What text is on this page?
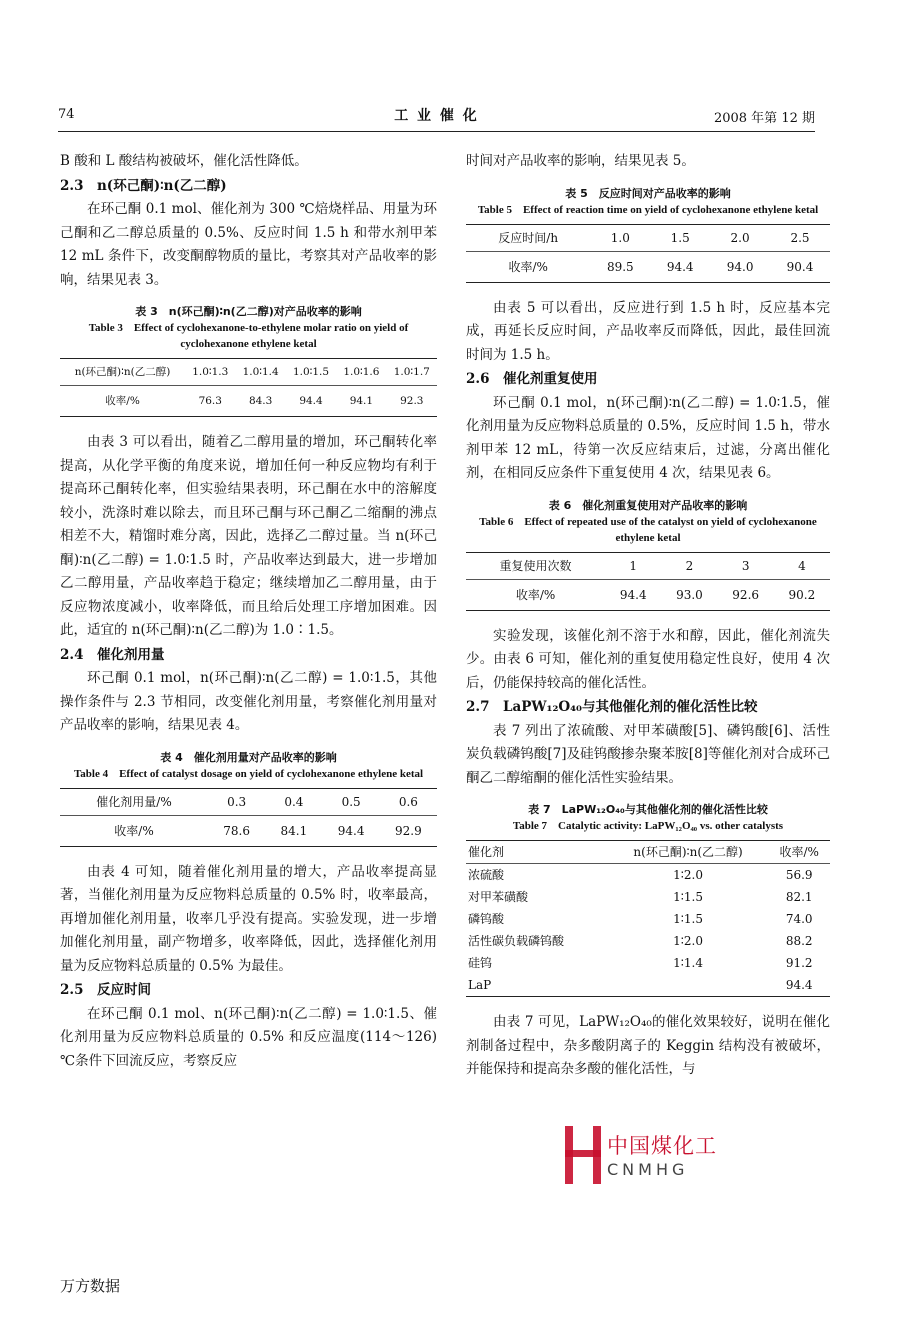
74	工 业 催 化	2008 年第 12 期

B 酸和 L 酸结构被破坏，催化活性降低。

2.3　n(环己酮)∶n(乙二醇)

在环己酮 0.1 mol、催化剂为 300 ℃焙烧样品、用量为环己酮和乙二醇总质量的 0.5%、反应时间 1.5 h 和带水剂甲苯 12 mL 条件下，改变酮醇物质的量比，考察其对产品收率的影响，结果见表 3。

表 3　n(环己酮)∶n(乙二醇)对产品收率的影响
Table 3　Effect of cyclohexanone-to-ethylene molar ratio on yield of cyclohexanone ethylene ketal
n(环己酮)∶n(乙二醇)	1.0∶1.3	1.0∶1.4	1.0∶1.5	1.0∶1.6	1.0∶1.7
收率/%	76.3	84.3	94.4	94.1	92.3

由表 3 可以看出，随着乙二醇用量的增加，环己酮转化率提高，从化学平衡的角度来说，增加任何一种反应物均有利于提高环己酮转化率，但实验结果表明，环己酮在水中的溶解度较小，洗涤时难以除去，而且环己酮与环己酮乙二缩酮的沸点相差不大，精馏时难分离，因此，选择乙二醇过量。当 n(环己酮)∶n(乙二醇) = 1.0∶1.5 时，产品收率达到最大，进一步增加乙二醇用量，产品收率趋于稳定；继续增加乙二醇用量，由于反应物浓度减小，收率降低，而且给后处理工序增加困难。因此，适宜的 n(环己酮)∶n(乙二醇)为 1.0∶1.5。

2.4　催化剂用量

环己酮 0.1 mol，n(环己酮)∶n(乙二醇) = 1.0∶1.5，其他操作条件与 2.3 节相同，改变催化剂用量，考察催化剂用量对产品收率的影响，结果见表 4。

表 4　催化剂用量对产品收率的影响
Table 4　Effect of catalyst dosage on yield of cyclohexanone ethylene ketal
催化剂用量/%	0.3	0.4	0.5	0.6
收率/%	78.6	84.1	94.4	92.9

由表 4 可知，随着催化剂用量的增大，产品收率提高显著，当催化剂用量为反应物料总质量的 0.5% 时，收率最高，再增加催化剂用量，收率几乎没有提高。实验发现，进一步增加催化剂用量，副产物增多，收率降低，因此，选择催化剂用量为反应物料总质量的 0.5% 为最佳。

2.5　反应时间

在环己酮 0.1 mol、n(环己酮)∶n(乙二醇) = 1.0∶1.5、催化剂用量为反应物料总质量的 0.5% 和反应温度(114～126) ℃条件下回流反应，考察反应

时间对产品收率的影响，结果见表 5。

表 5　反应时间对产品收率的影响
Table 5　Effect of reaction time on yield of cyclohexanone ethylene ketal
反应时间/h	1.0	1.5	2.0	2.5
收率/%	89.5	94.4	94.0	90.4

由表 5 可以看出，反应进行到 1.5 h 时，反应基本完成，再延长反应时间，产品收率反而降低，因此，最佳回流时间为 1.5 h。

2.6　催化剂重复使用

环己酮 0.1 mol，n(环己酮)∶n(乙二醇) = 1.0∶1.5，催化剂用量为反应物料总质量的 0.5%，反应时间 1.5 h，带水剂甲苯 12 mL，待第一次反应结束后，过滤，分离出催化剂，在相同反应条件下重复使用 4 次，结果见表 6。

表 6　催化剂重复使用对产品收率的影响
Table 6　Effect of repeated use of the catalyst on yield of cyclohexanone ethylene ketal
重复使用次数	1	2	3	4
收率/%	94.4	93.0	92.6	90.2

实验发现，该催化剂不溶于水和醇，因此，催化剂流失少。由表 6 可知，催化剂的重复使用稳定性良好，使用 4 次后，仍能保持较高的催化活性。

2.7　LaPW₁₂O₄₀与其他催化剂的催化活性比较

表 7 列出了浓硫酸、对甲苯磺酸[5]、磷钨酸[6]、活性炭负载磷钨酸[7]及硅钨酸掺杂聚苯胺[8]等催化剂对合成环己酮乙二醇缩酮的催化活性实验结果。

表 7　LaPW₁₂O₄₀与其他催化剂的催化活性比较
Table 7　Catalytic activity: LaPW₁₂O₄₀ vs. other catalysts
催化剂	n(环己酮)∶n(乙二醇)	收率/%
浓硫酸	1∶2.0	56.9
对甲苯磺酸	1∶1.5	82.1
磷钨酸	1∶1.5	74.0
活性碳负载磷钨酸	1∶2.0	88.2
硅钨	1∶1.4	91.2
LaP		94.4

由表 7 可见，LaPW₁₂O₄₀的催化效果较好，说明在催化剂制备过程中，杂多酸阴离子的 Keggin 结构没有被破坏，并能保持和提高杂多酸的催化活性，与

中国煤化工
CNMHG
万方数据
